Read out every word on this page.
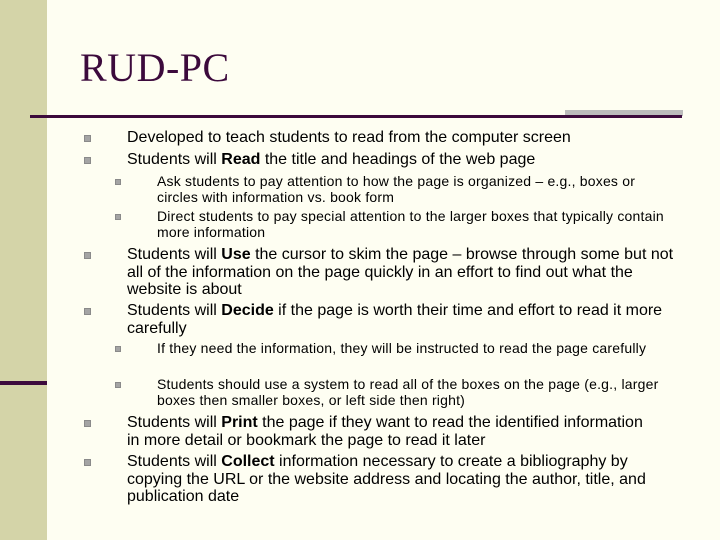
RUD-PC

Developed to teach students to read from the computer screen

Students will Read the title and headings of the web page

Ask students to pay attention to how the page is organized – e.g., boxes or circles with information vs. book form

Direct students to pay special attention to the larger boxes that typically contain more information

Students will Use the cursor to skim the page – browse through some but not all of the information on the page quickly in an effort to find out what the website is about

Students will Decide if the page is worth their time and effort to read it more carefully

If they need the information, they will be instructed to read the page carefully

Students should use a system to read all of the boxes on the page (e.g., larger boxes then smaller boxes, or left side then right)

Students will Print the page if they want to read the identified information in more detail or bookmark the page to read it later

Students will Collect information necessary to create a bibliography by copying the URL or the website address and locating the author, title, and publication date
